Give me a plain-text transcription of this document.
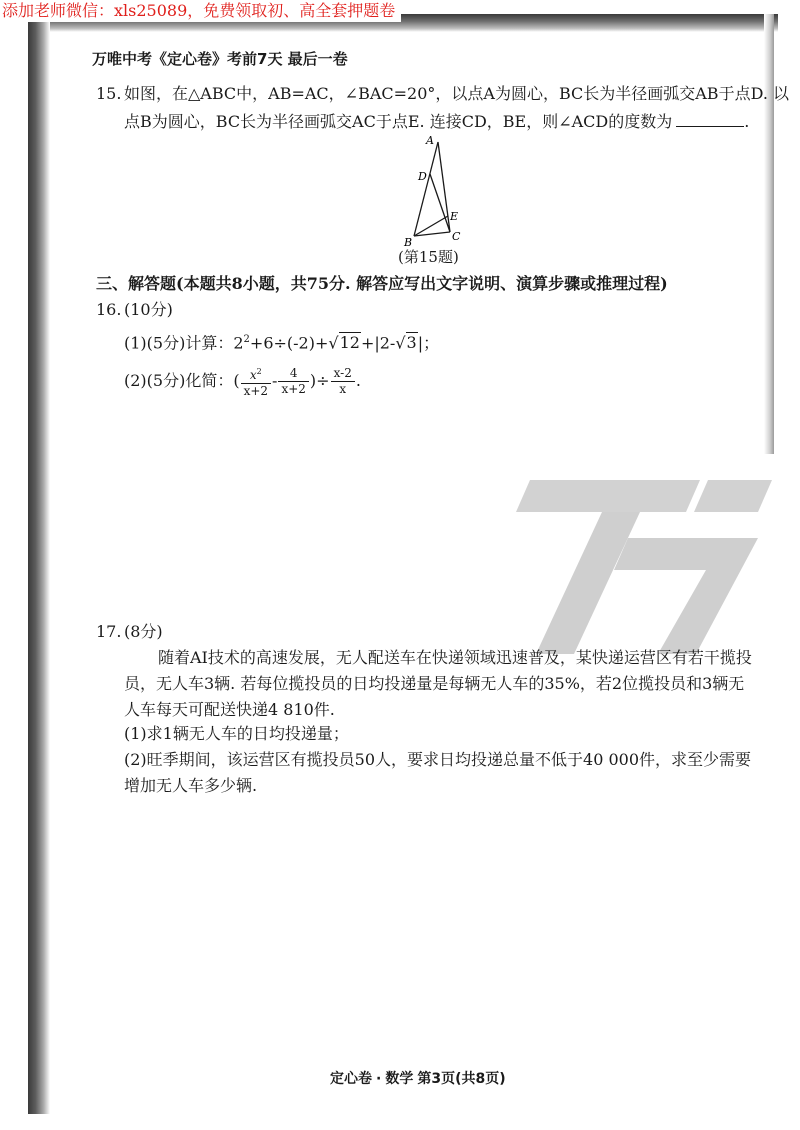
添加老师微信：xls25089，免费领取初、高全套押题卷
万唯中考《定心卷》考前7天 最后一卷
15. 如图，在△ABC中，AB=AC，∠BAC=20°，以点A为圆心，BC长为半径画弧交AB于点D. 以
点B为圆心，BC长为半径画弧交AC于点E. 连接CD，BE，则∠ACD的度数为	.
A
D
E
B	C
(第15题)
三、解答题(本题共8小题，共75分. 解答应写出文字说明、演算步骤或推理过程)
16. (10分)
(1)(5分)计算：$2^2+6\div(-2)+√12+|2-√3|$；
(2)(5分)化简：( $\frac{x^2}{x+2} - \frac{4}{x+2}$ )÷ $\frac{x-2}{x}$ .
17. (8分)
随着AI技术的高速发展，无人配送车在快递领域迅速普及，某快递运营区有若干揽投
员，无人车3辆. 若每位揽投员的日均投递量是每辆无人车的35%，若2位揽投员和3辆无
人车每天可配送快递4 810件.
(1)求1辆无人车的日均投递量；
(2)旺季期间，该运营区有揽投员50人，要求日均投递总量不低于40 000件，求至少需要
增加无人车多少辆.
定心卷 · 数学 第3页(共8页)
